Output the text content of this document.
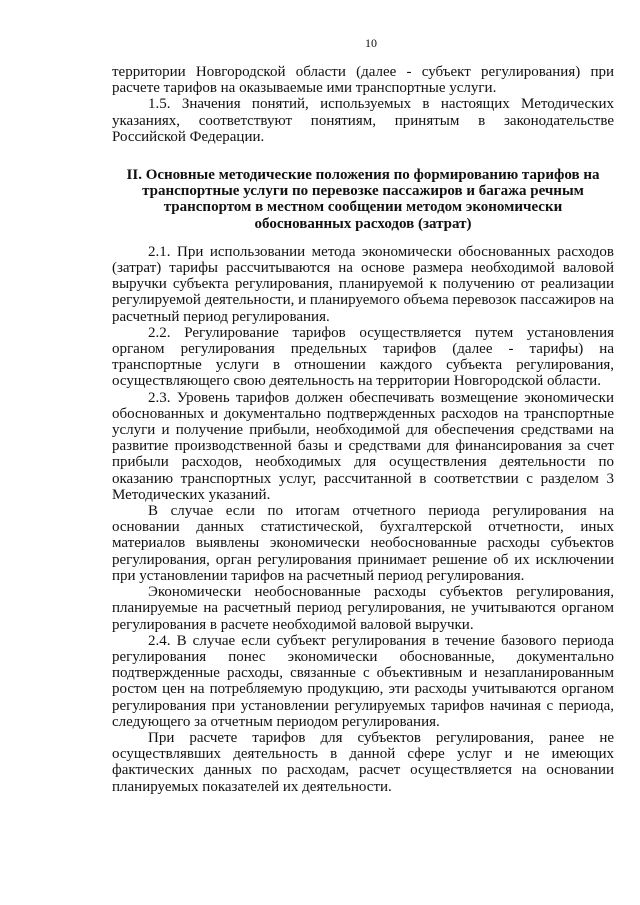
10

территории Новгородской области (далее - субъект регулирования) при расчете тарифов на оказываемые ими транспортные услуги.

1.5. Значения понятий, используемых в настоящих Методических указаниях, соответствуют понятиям, принятым в законодательстве Российской Федерации.

II. Основные методические положения по формированию тарифов на транспортные услуги по перевозке пассажиров и багажа речным транспортом в местном сообщении методом экономически обоснованных расходов (затрат)

2.1. При использовании метода экономически обоснованных расходов (затрат) тарифы рассчитываются на основе размера необходимой валовой выручки субъекта регулирования, планируемой к получению от реализации регулируемой деятельности, и планируемого объема перевозок пассажиров на расчетный период регулирования.

2.2. Регулирование тарифов осуществляется путем установления органом регулирования предельных тарифов (далее - тарифы) на транспортные услуги в отношении каждого субъекта регулирования, осуществляющего свою деятельность на территории Новгородской области.

2.3. Уровень тарифов должен обеспечивать возмещение экономически обоснованных и документально подтвержденных расходов на транспортные услуги и получение прибыли, необходимой для обеспечения средствами на развитие производственной базы и средствами для финансирования за счет прибыли расходов, необходимых для осуществления деятельности по оказанию транспортных услуг, рассчитанной в соответствии с разделом 3 Методических указаний.

В случае если по итогам отчетного периода регулирования на основании данных статистической, бухгалтерской отчетности, иных материалов выявлены экономически необоснованные расходы субъектов регулирования, орган регулирования принимает решение об их исключении при установлении тарифов на расчетный период регулирования.

Экономически необоснованные расходы субъектов регулирования, планируемые на расчетный период регулирования, не учитываются органом регулирования в расчете необходимой валовой выручки.

2.4. В случае если субъект регулирования в течение базового периода регулирования понес экономически обоснованные, документально подтвержденные расходы, связанные с объективным и незапланированным ростом цен на потребляемую продукцию, эти расходы учитываются органом регулирования при установлении регулируемых тарифов начиная с периода, следующего за отчетным периодом регулирования.

При расчете тарифов для субъектов регулирования, ранее не осуществлявших деятельность в данной сфере услуг и не имеющих фактических данных по расходам, расчет осуществляется на основании планируемых показателей их деятельности.
